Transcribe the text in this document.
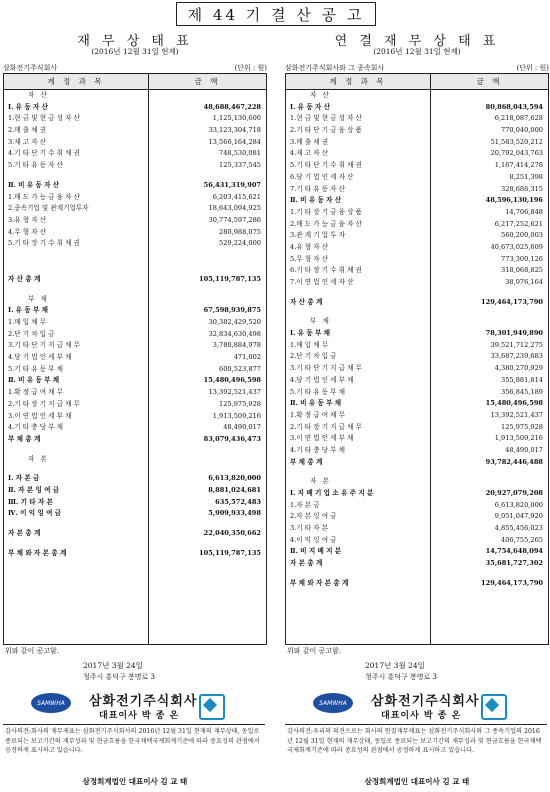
제 44 기 결 산 공 고
재 무 상 태 표
(2016년 12월 31일 현재)
삼화전기주식회사	(단위 : 원)
계 정 과 목	금 액
자 산
Ⅰ. 유 동 자 산	48,688,467,228
1.현 금 및 현 금 성 자 산	1,125,130,600
2.매 출 채 권	33,123,304,718
3.재 고 자 산	13,566,164,284
4.기 타 단 기 수 취 채 권	748,530,081
5.기 타 유 동 자 산	125,337,545
Ⅱ. 비 유 동 자 산	56,431,319,907
1.매 도 가 능 금 융 자 산	6,203,415,621
2.종속기업 및 관계기업투자	18,643,094,925
3.유 형 자 산	30,774,597,286
4.무 형 자 산	280,988,075
5.기 타 장 기 수 취 채 권	529,224,000
자 산 총 계	105,119,787,135
부 채
Ⅰ. 유 동 부 채	67,598,939,875
1.매 입 채 무	30,382,429,520
2.단 기 차 입 금	32,834,630,498
3.기 타 단 기 지 급 채 무	3,780,884,978
4.당 기 법 인 세 부 채	471,002
5.기 타 유 동 부 채	600,523,877
Ⅱ. 비 유 동 부 채	15,480,496,598
1.확 정 급 여 채 무	13,392,521,437
2.기 타 장 기 지 급 채 무	125,975,928
3.이 연 법 인 세 부 채	1,913,509,216
4.기 타 충 당 부 채	48,490,017
부 채 총 계	83,079,436,473
자 본
Ⅰ. 자 본 금	6,613,820,000
Ⅱ. 자 본 잉 여 금	8,881,024,681
Ⅲ. 기 타 자 본	635,572,483
Ⅳ. 이 익 잉 여 금	5,909,933,498
자 본 총 계	22,040,350,662
부 채 와 자 본 총 계	105,119,787,135
위와 같이 공고함.
2017년 3월 24일
청주시 흥덕구 봉명로 3
SAMWHA	삼화전기주식회사
대표이사 박 종 온
감사의견:회사의 재무제표는 삼화전기주식회사의 2016년 12월 31일 현재의 재무상태, 동일로 종료되는 보고기간의 재무성과 및 현금흐름을 한국채택국제회계기준에 따라 중요성의 관점에서 공정하게 표시하고 있습니다.
삼정회계법인 대표이사 김 교 태
연 결 재 무 상 태 표
(2016년 12월 31일 현재)
삼화전기주식회사와 그 종속회사	(단위 : 원)
계 정 과 목	금 액
자 산
Ⅰ. 유 동 자 산	80,868,043,594
1.현 금 및 현 금 성 자 산	6,218,087,628
2.기 타 단 기 금 융 상 품	770,040,000
3.매 출 채 권	51,583,520,212
4.재 고 자 산	20,792,043,763
5.기 타 단 기 수 취 채 권	1,167,414,278
6.당 기 법 인 세 자 산	8,251,398
7.기 타 유 동 자 산	328,686,315
Ⅱ. 비 유 동 자 산	48,596,130,196
1.기 타 장 기 금 융 상 품	14,706,848
2.매 도 가 능 금 융 자 산	6,217,252,621
3.관 계 기 업 투 자	560,200,003
4.유 형 자 산	40,673,025,609
5.무 형 자 산	773,300,126
6.기 타 장 기 수 취 채 권	318,068,825
7.이 연 법 인 세 자 산	38,976,164
자 산 총 계	129,464,173,790
부 채
Ⅰ. 유 동 부 채	78,301,949,890
1.매 입 채 무	39,521,712,275
2.단 기 차 입 금	33,687,239,683
3.기 타 단 기 지 급 채 무	4,380,270,929
4.당 기 법 인 세 부 채	355,881,814
5.기 타 유 동 부 채	356,845,189
Ⅱ. 비 유 동 부 채	15,480,496,598
1.확 정 급 여 채 무	13,392,521,437
2.기 타 장 기 지 급 채 무	125,975,928
3.이 연 법 인 세 부 채	1,913,509,216
4.기 타 충 당 부 채	48,490,017
부 채 총 계	93,782,446,488
자 본
Ⅰ. 지 배 기 업 소 유 주 지 분	20,927,079,208
1.자 본 금	6,613,820,000
2.자 본 잉 여 금	9,051,047,920
3.기 타 자 본	4,855,456,023
4.이 익 잉 여 금	406,755,265
Ⅱ. 비 지 배 지 분	14,754,648,094
자 본 총 계	35,681,727,302
부 채 와 자 본 총 계	129,464,173,790
위와 같이 공고함.
2017년 3월 24일
청주시 흥덕구 봉명로 3
SAMWHA	삼화전기주식회사
대표이사 박 종 온
감사의견:우리의 의견으로는 회사의 연결재무제표는 삼화전기주식회사와 그 종속기업의 2016년 12월 31일 현재의 재무상태, 동일로 종료되는 보고기간의 재무성과 및 현금흐름을 한국채택국제회계기준에 따라 중요성의 관점에서 공정하게 표시하고 있습니다.
삼정회계법인 대표이사 김 교 태
